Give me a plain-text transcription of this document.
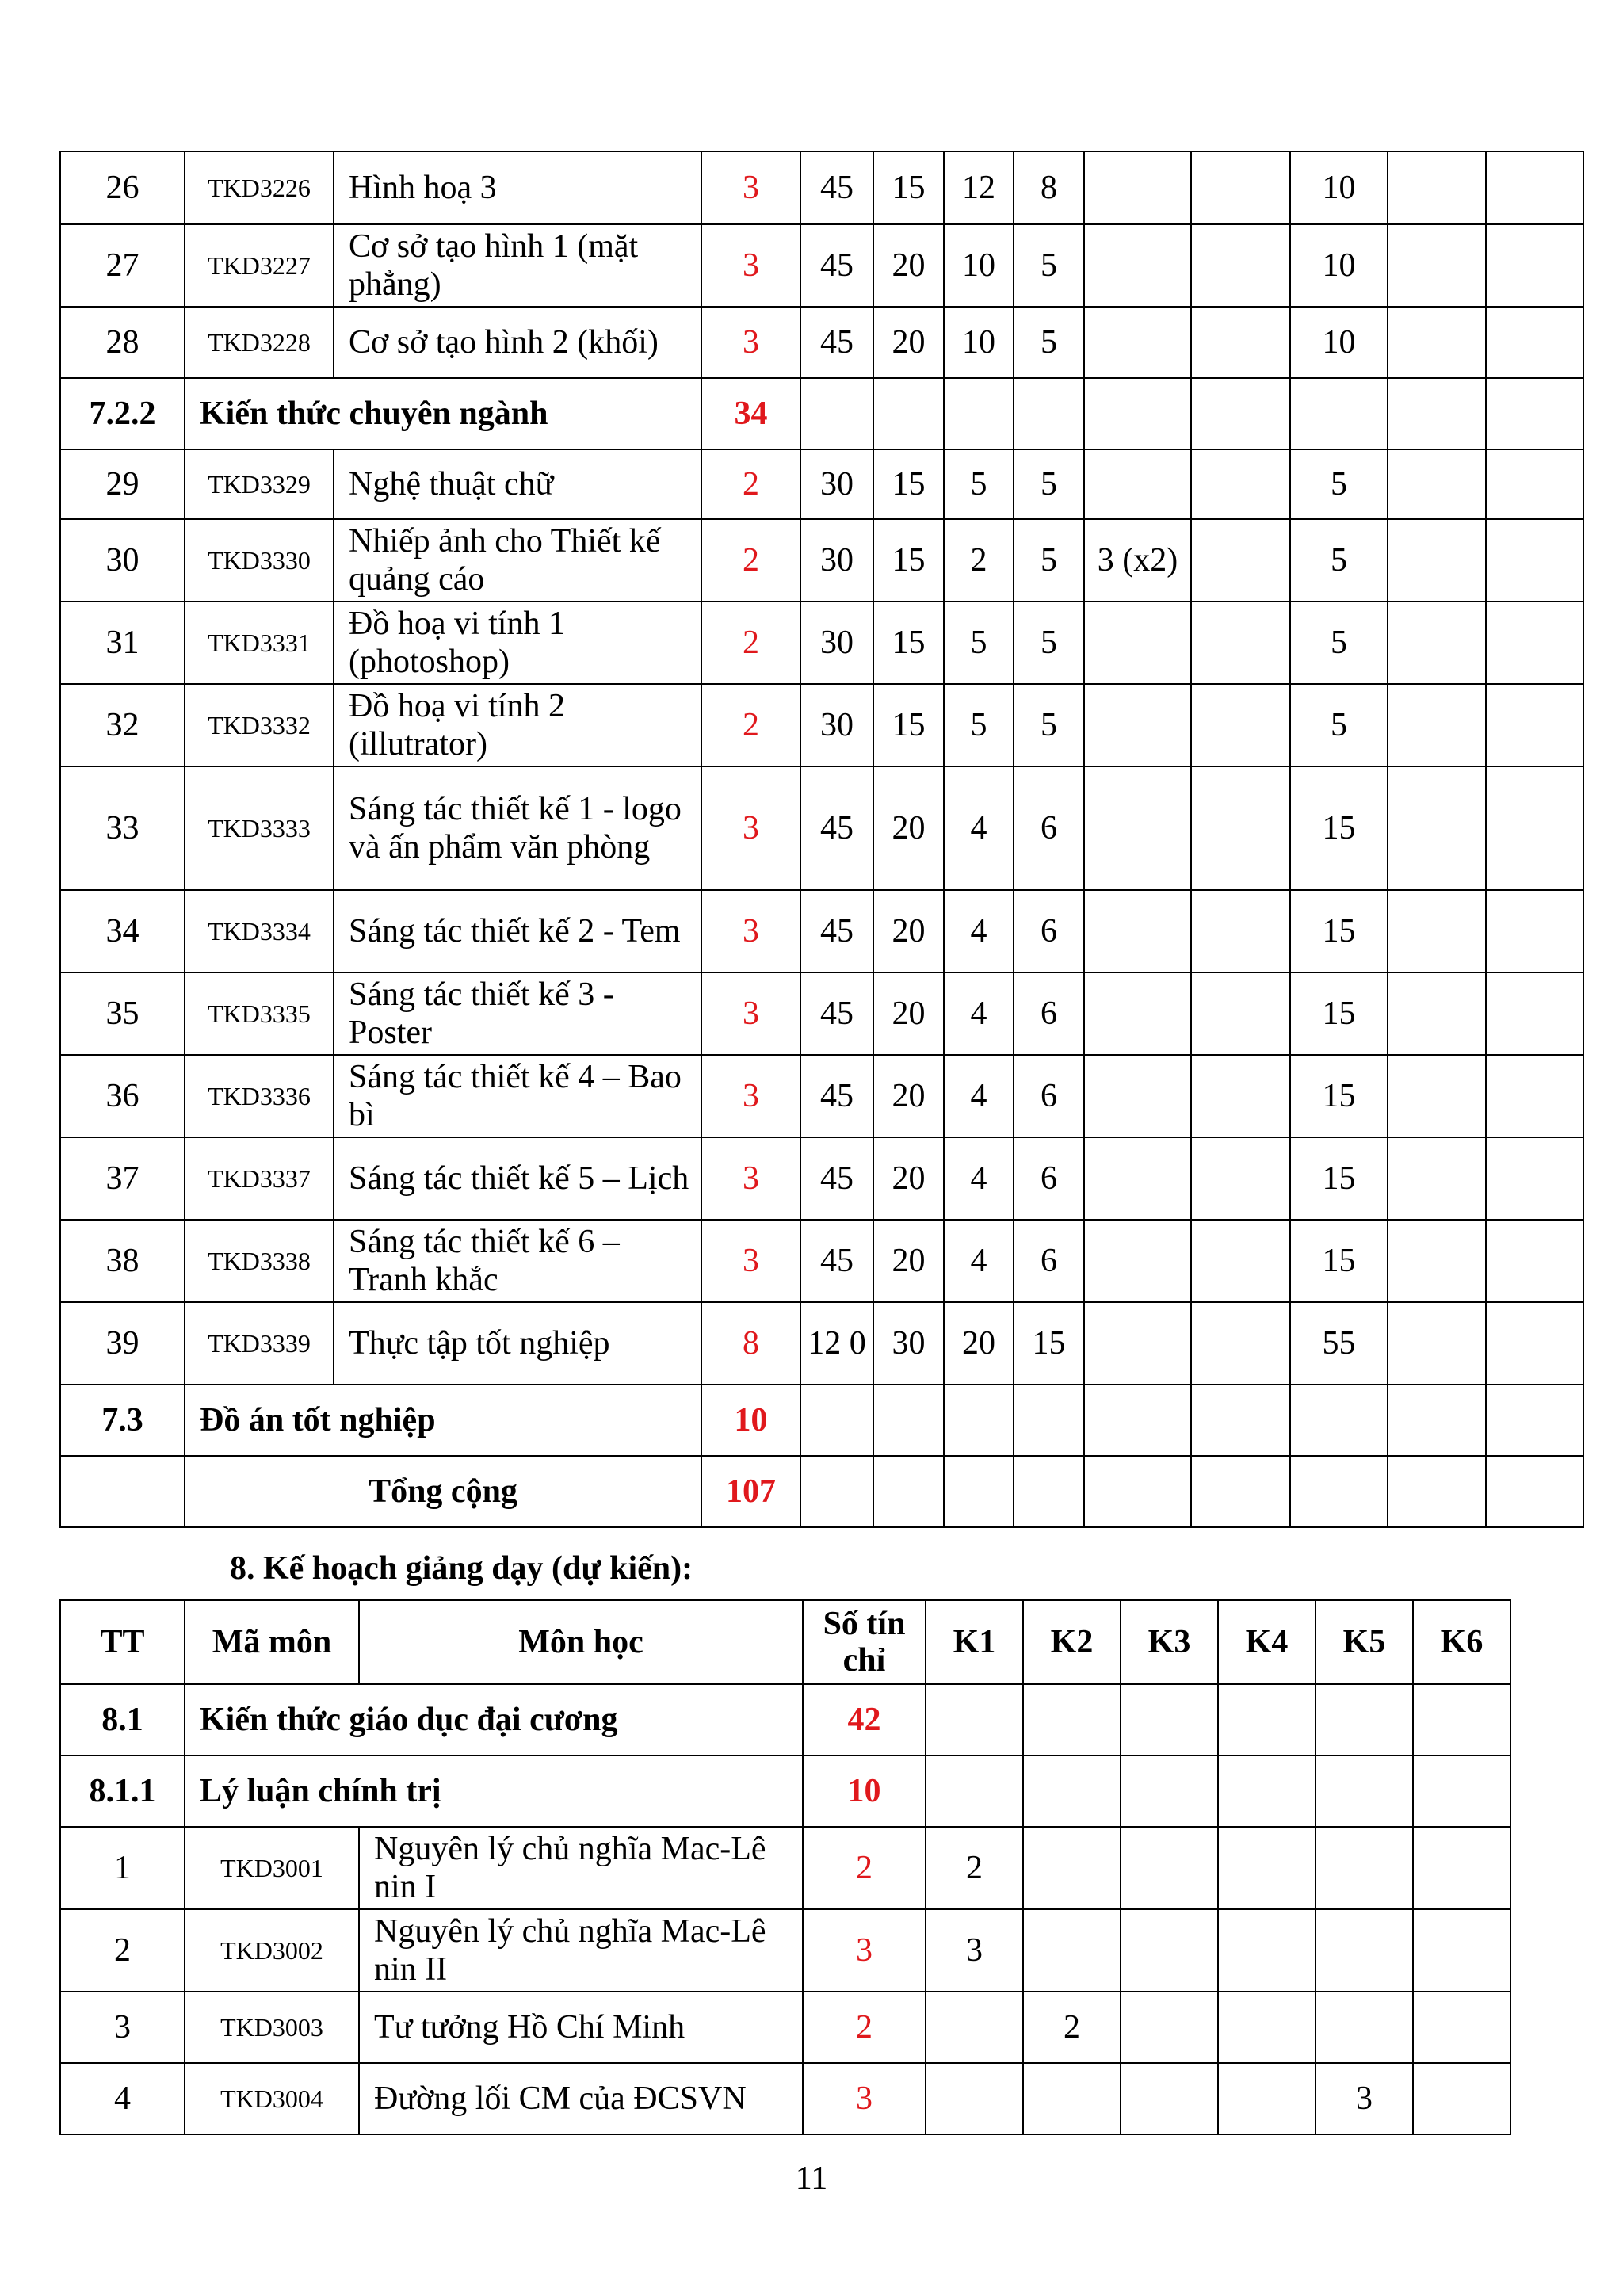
26	TKD3226	Hình hoạ 3	3	45	15	12	8			10		
27	TKD3227	Cơ sở tạo hình 1 (mặt phẳng)	3	45	20	10	5			10		
28	TKD3228	Cơ sở tạo hình 2 (khối)	3	45	20	10	5			10		
7.2.2	Kiến thức chuyên ngành		34									
29	TKD3329	Nghệ thuật chữ	2	30	15	5	5			5		
30	TKD3330	Nhiếp ảnh cho Thiết kế quảng cáo	2	30	15	2	5	3 (x2)		5		
31	TKD3331	Đồ hoạ vi tính 1 (photoshop)	2	30	15	5	5			5		
32	TKD3332	Đồ hoạ vi tính 2 (illutrator)	2	30	15	5	5			5		
33	TKD3333	Sáng tác thiết kế 1 - logo và ấn phẩm văn phòng	3	45	20	4	6			15		
34	TKD3334	Sáng tác thiết kế 2 - Tem	3	45	20	4	6			15		
35	TKD3335	Sáng tác thiết kế 3 - Poster	3	45	20	4	6			15		
36	TKD3336	Sáng tác thiết kế 4 – Bao bì	3	45	20	4	6			15		
37	TKD3337	Sáng tác thiết kế 5 – Lịch	3	45	20	4	6			15		
38	TKD3338	Sáng tác thiết kế 6 – Tranh khắc	3	45	20	4	6			15		
39	TKD3339	Thực tập tốt nghiệp	8	12 0	30	20	15			55		
7.3	Đồ án tốt nghiệp		10									
	Tổng cộng		107									
8. Kế hoạch giảng dạy (dự kiến):
TT	Mã môn	Môn học	Số tín chỉ	K1	K2	K3	K4	K5	K6
8.1	Kiến thức giáo dục đại cương		42						
8.1.1	Lý luận chính trị		10						
1	TKD3001	Nguyên lý chủ nghĩa Mac-Lê nin I	2	2					
2	TKD3002	Nguyên lý chủ nghĩa Mac-Lê nin II	3	3					
3	TKD3003	Tư tưởng Hồ Chí Minh	2		2				
4	TKD3004	Đường lối CM của ĐCSVN	3					3	
11
